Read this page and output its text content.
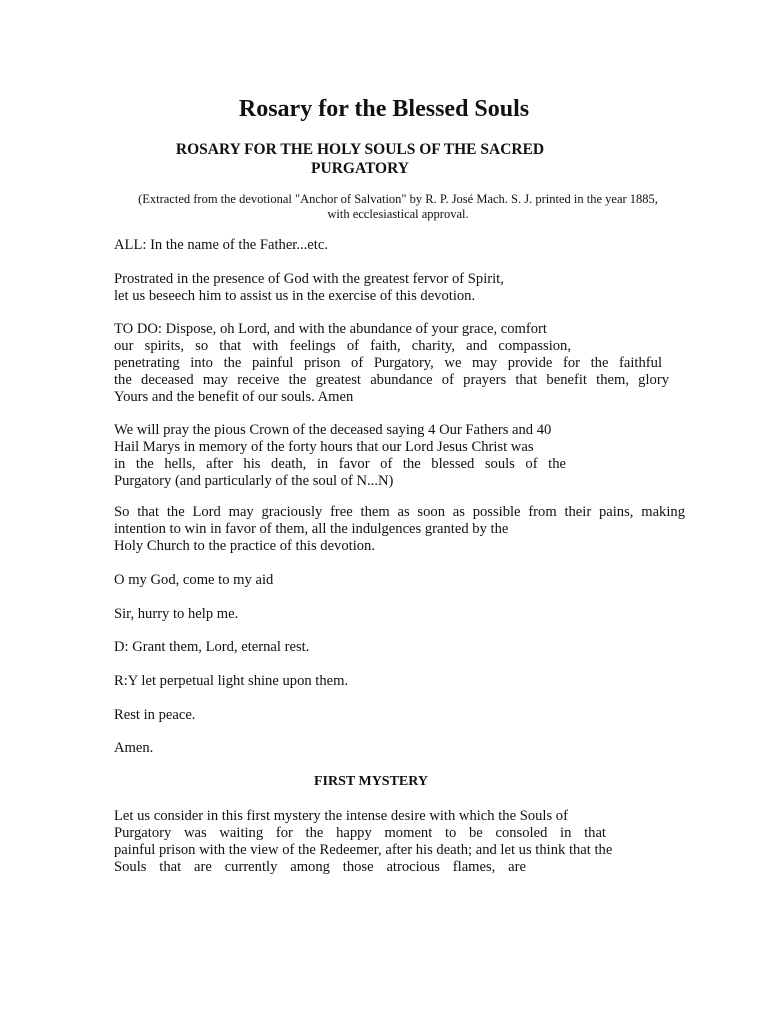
Rosary for the Blessed Souls
ROSARY FOR THE HOLY SOULS OF THE SACRED PURGATORY
(Extracted from the devotional "Anchor of Salvation" by R. P. José Mach. S. J. printed in the year 1885,
with ecclesiastical approval.
ALL: In the name of the Father...etc.
Prostrated in the presence of God with the greatest fervor of Spirit,
let us beseech him to assist us in the exercise of this devotion.
TO DO: Dispose, oh Lord, and with the abundance of your grace, comfort
our spirits, so that with feelings of faith, charity, and compassion,
penetrating into the painful prison of Purgatory, we may provide for the faithful
the deceased may receive the greatest abundance of prayers that benefit them, glory
Yours and the benefit of our souls. Amen
We will pray the pious Crown of the deceased saying 4 Our Fathers and 40
Hail Marys in memory of the forty hours that our Lord Jesus Christ was
in the hells, after his death, in favor of the blessed souls of the
Purgatory (and particularly of the soul of N...N)
So that the Lord may graciously free them as soon as possible from their pains, making
intention to win in favor of them, all the indulgences granted by the
Holy Church to the practice of this devotion.
O my God, come to my aid
Sir, hurry to help me.
D: Grant them, Lord, eternal rest.
R:Y let perpetual light shine upon them.
Rest in peace.
Amen.
FIRST MYSTERY
Let us consider in this first mystery the intense desire with which the Souls of
Purgatory was waiting for the happy moment to be consoled in that
painful prison with the view of the Redeemer, after his death; and let us think that the
Souls that are currently among those atrocious flames, are
